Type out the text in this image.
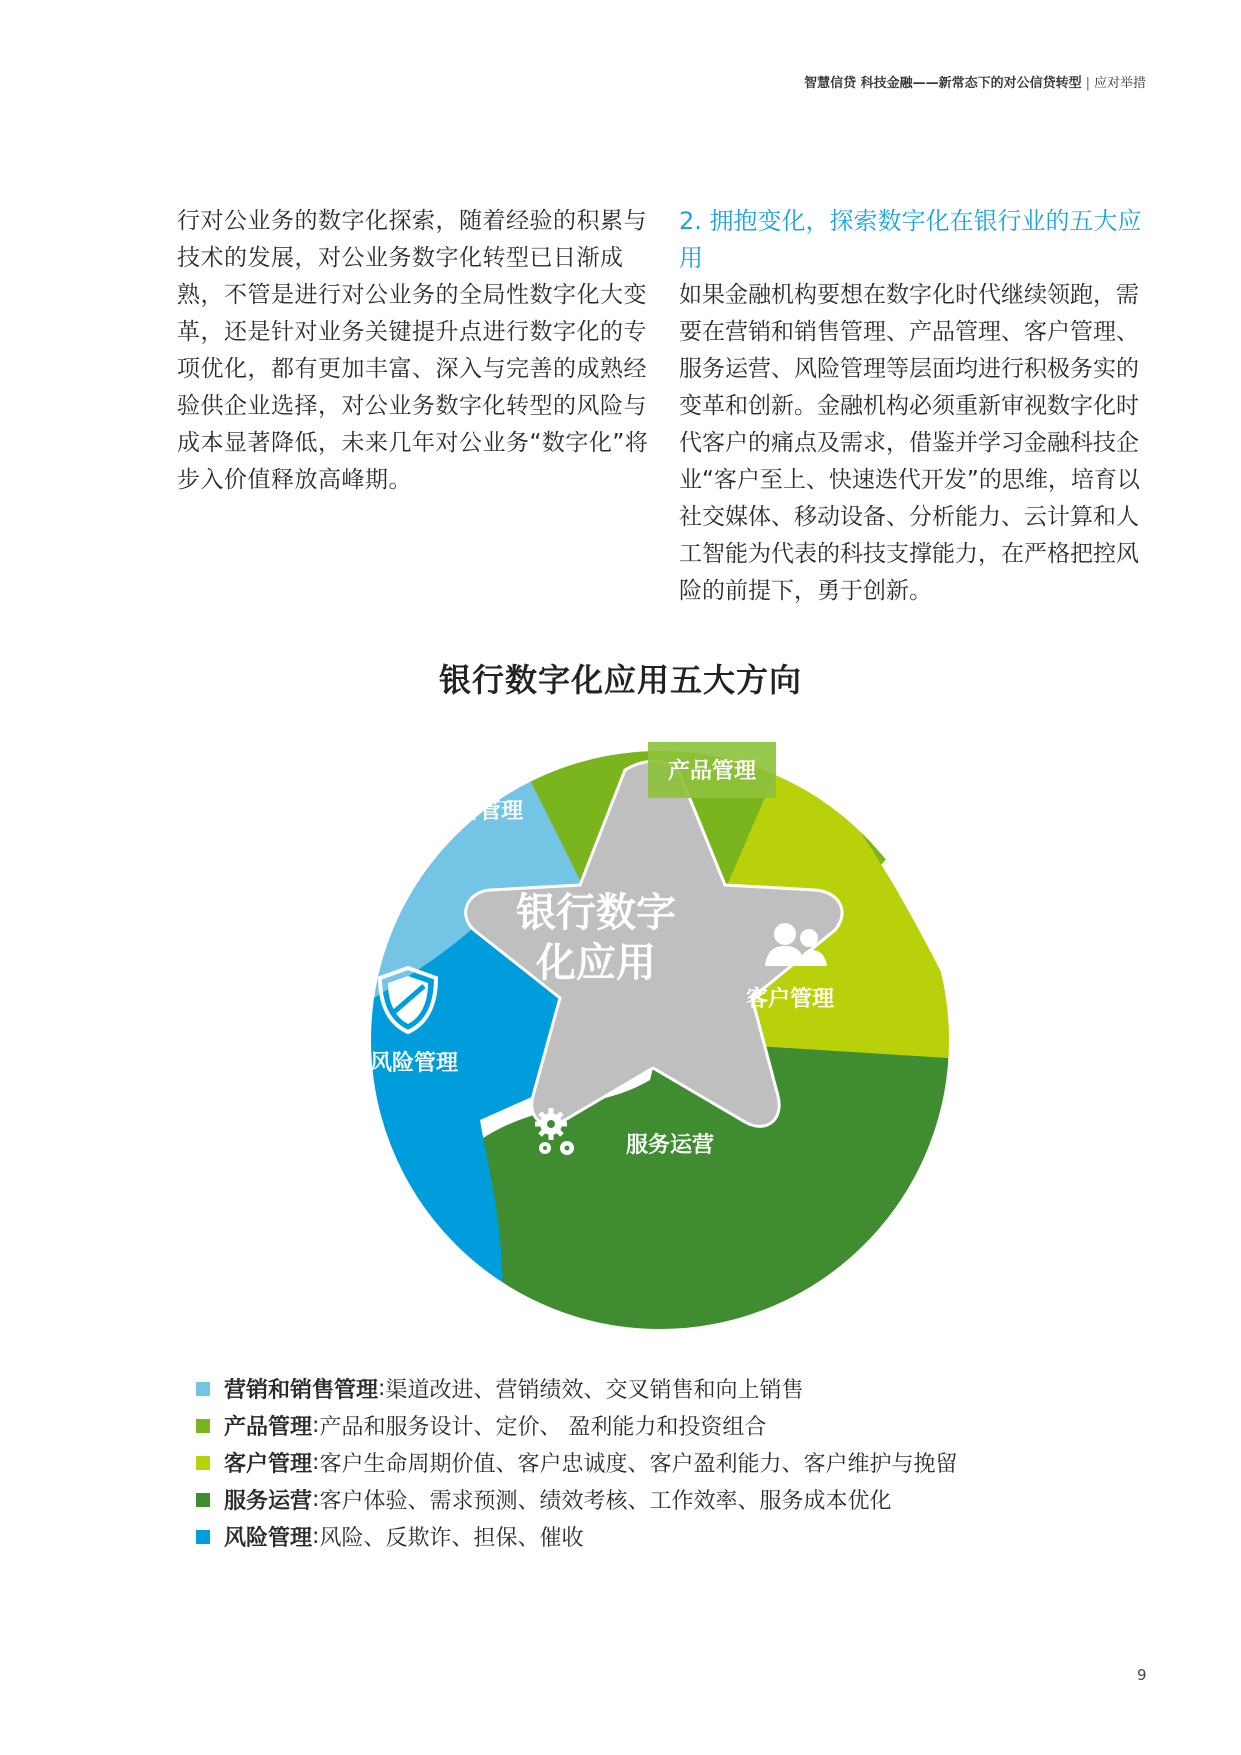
智慧信贷 科技金融——新常态下的对公信贷转型 | 应对举措
行对公业务的数字化探索，随着经验的积累与技术的发展，对公业务数字化转型已日渐成熟，不管是进行对公业务的全局性数字化大变革，还是针对业务关键提升点进行数字化的专项优化，都有更加丰富、深入与完善的成熟经验供企业选择，对公业务数字化转型的风险与成本显著降低，未来几年对公业务“数字化”将步入价值释放高峰期。
2. 拥抱变化，探索数字化在银行业的五大应用
如果金融机构要想在数字化时代继续领跑，需要在营销和销售管理、产品管理、客户管理、服务运营、风险管理等层面均进行积极务实的变革和创新。金融机构必须重新审视数字化时代客户的痛点及需求，借鉴并学习金融科技企业“客户至上、快速迭代开发”的思维，培育以社交媒体、移动设备、分析能力、云计算和人工智能为代表的科技支撑能力，在严格把控风险的前提下，勇于创新。
银行数字化应用五大方向
银行数字
化应用
营销和销售管理
产品管理
客户管理
服务运营
风险管理
营销和销售管理 : 渠道改进、营销绩效、交叉销售和向上销售
产品管理 : 产品和服务设计、定价、 盈利能力和投资组合
客户管理 : 客户生命周期价值、客户忠诚度、客户盈利能力、客户维护与挽留
服务运营 : 客户体验、需求预测、绩效考核、工作效率、服务成本优化
风险管理 : 风险、反欺诈、担保、催收
9
